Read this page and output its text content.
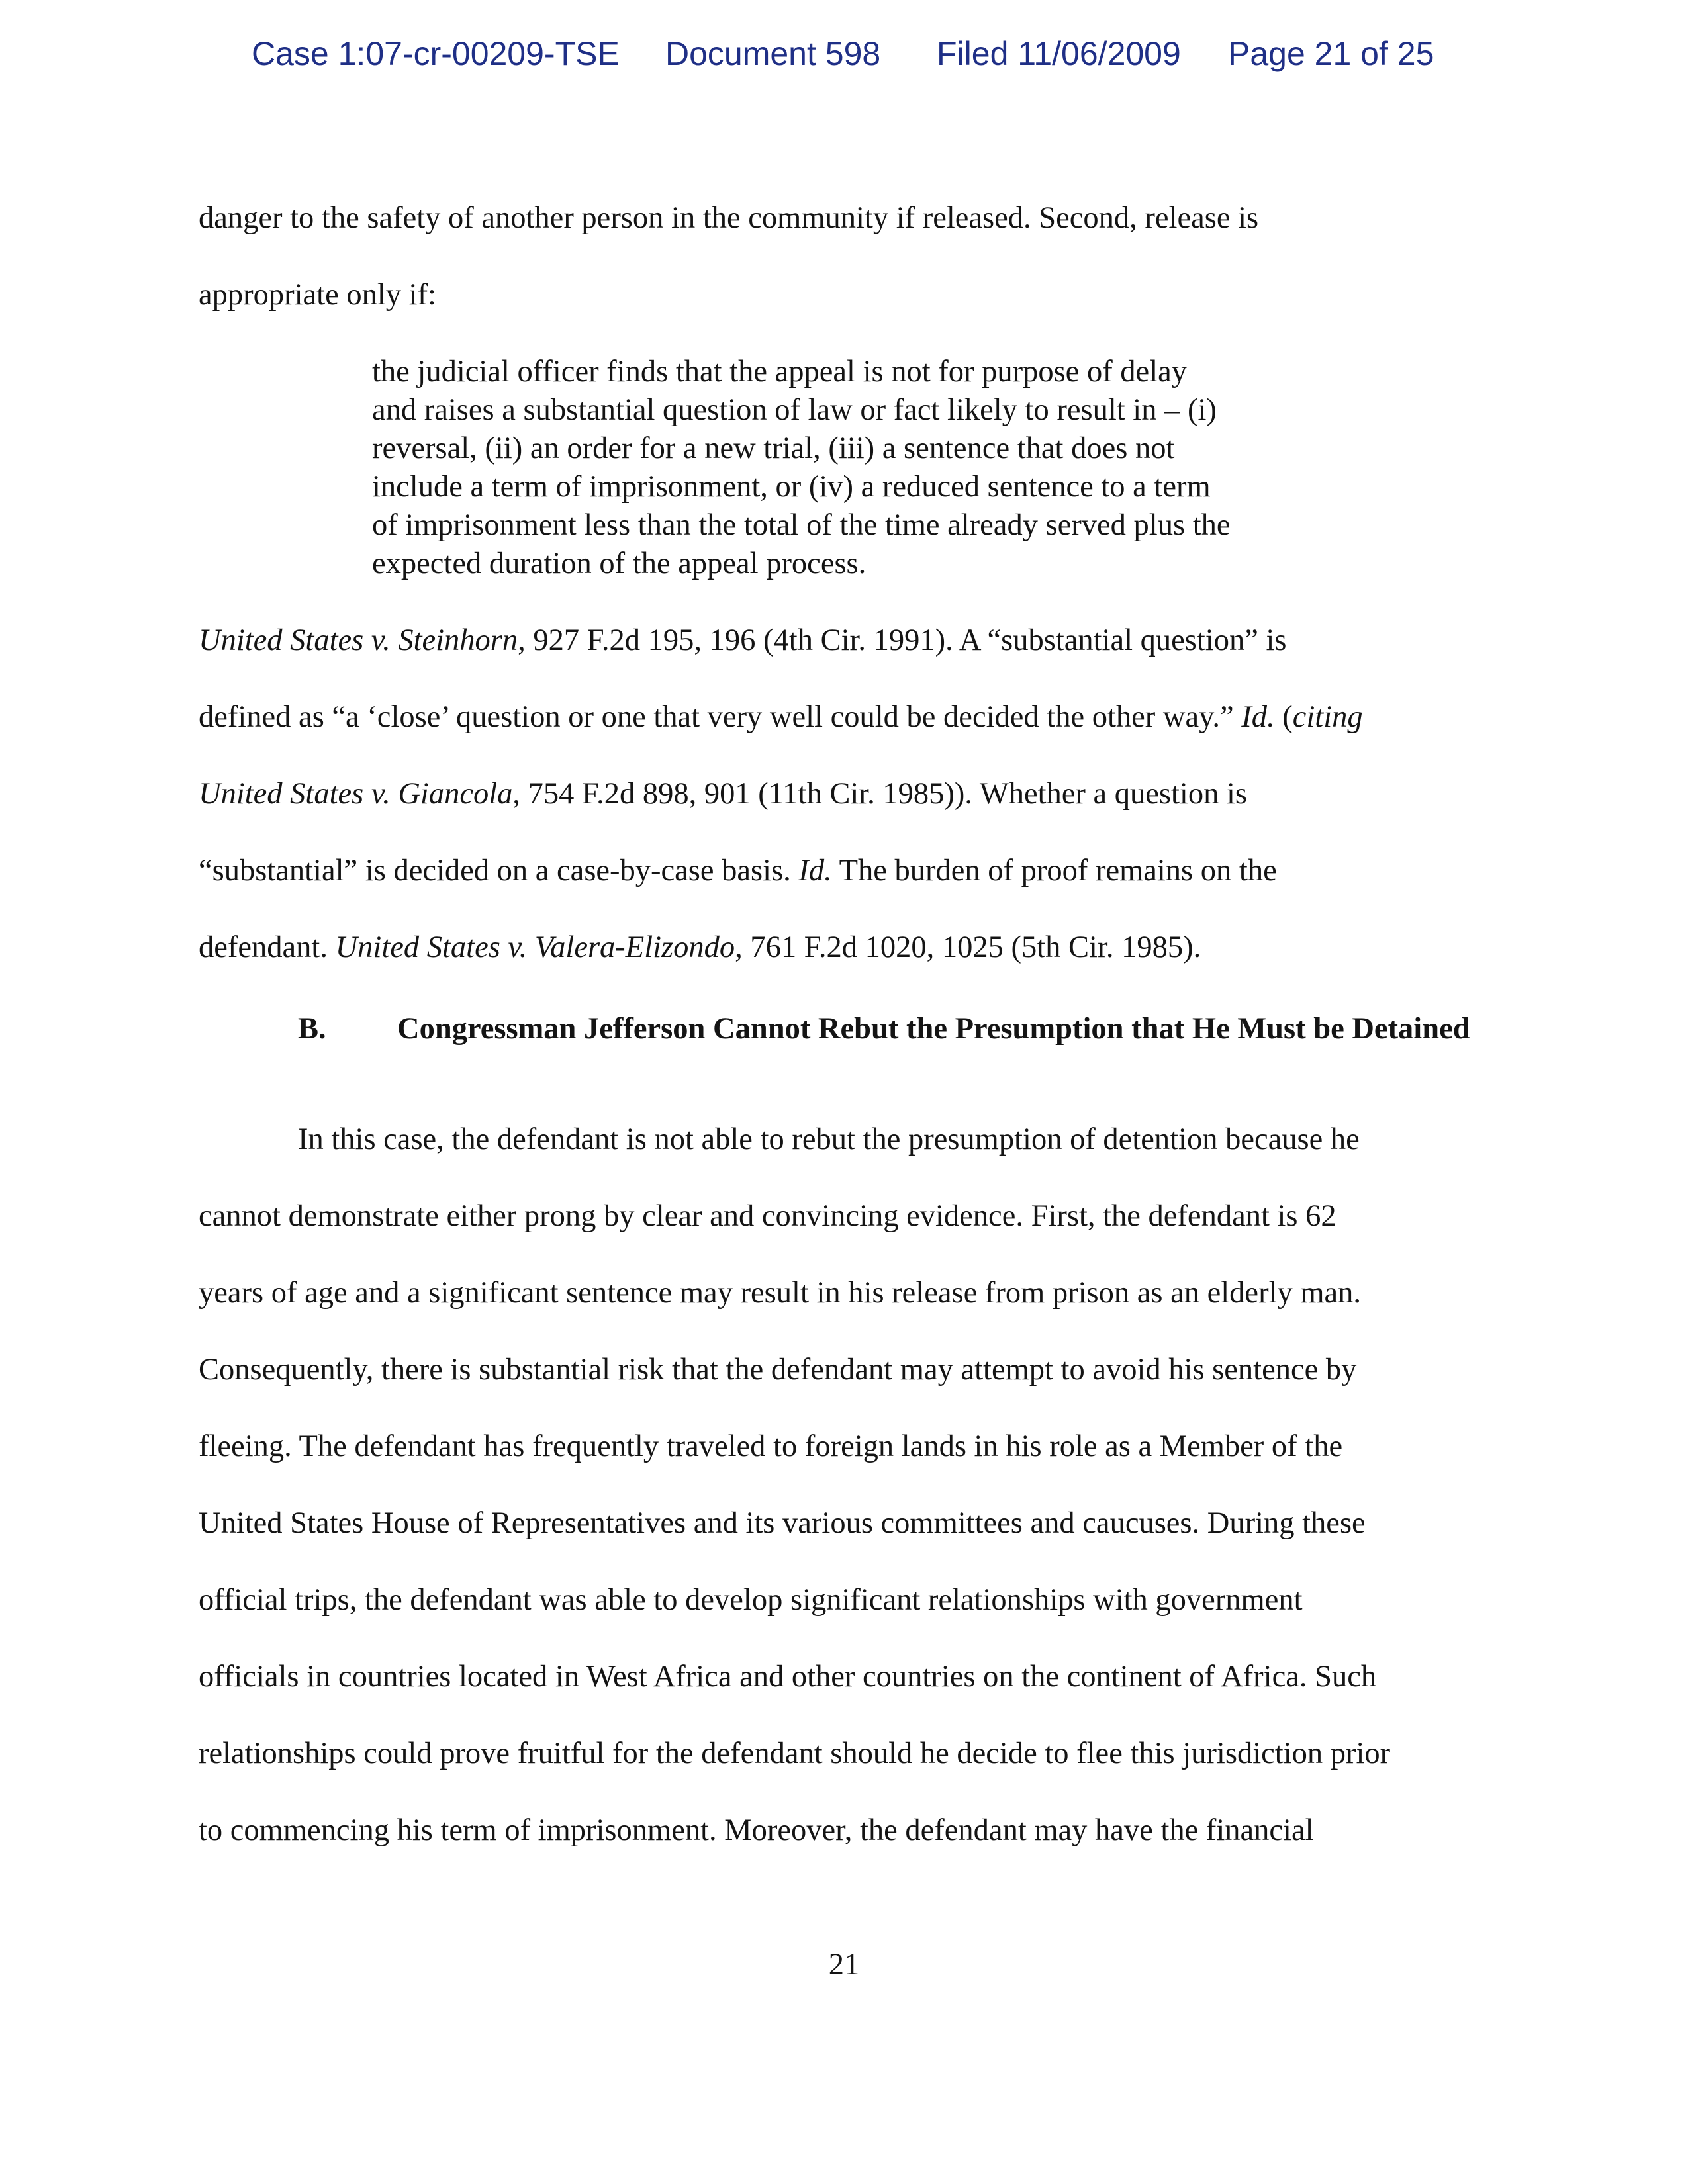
Case 1:07-cr-00209-TSE Document 598 Filed 11/06/2009 Page 21 of 25
danger to the safety of another person in the community if released. Second, release is
appropriate only if:
the judicial officer finds that the appeal is not for purpose of delay
and raises a substantial question of law or fact likely to result in – (i)
reversal, (ii) an order for a new trial, (iii) a sentence that does not
include a term of imprisonment, or (iv) a reduced sentence to a term
of imprisonment less than the total of the time already served plus the
expected duration of the appeal process.
United States v. Steinhorn, 927 F.2d 195, 196 (4th Cir. 1991). A “substantial question” is
defined as “a ‘close’ question or one that very well could be decided the other way.” Id. (citing
United States v. Giancola, 754 F.2d 898, 901 (11th Cir. 1985)). Whether a question is
“substantial” is decided on a case-by-case basis. Id. The burden of proof remains on the
defendant. United States v. Valera-Elizondo, 761 F.2d 1020, 1025 (5th Cir. 1985).
B. Congressman Jefferson Cannot Rebut the Presumption that He Must be Detained
In this case, the defendant is not able to rebut the presumption of detention because he
cannot demonstrate either prong by clear and convincing evidence. First, the defendant is 62
years of age and a significant sentence may result in his release from prison as an elderly man.
Consequently, there is substantial risk that the defendant may attempt to avoid his sentence by
fleeing. The defendant has frequently traveled to foreign lands in his role as a Member of the
United States House of Representatives and its various committees and caucuses. During these
official trips, the defendant was able to develop significant relationships with government
officials in countries located in West Africa and other countries on the continent of Africa. Such
relationships could prove fruitful for the defendant should he decide to flee this jurisdiction prior
to commencing his term of imprisonment. Moreover, the defendant may have the financial
21
